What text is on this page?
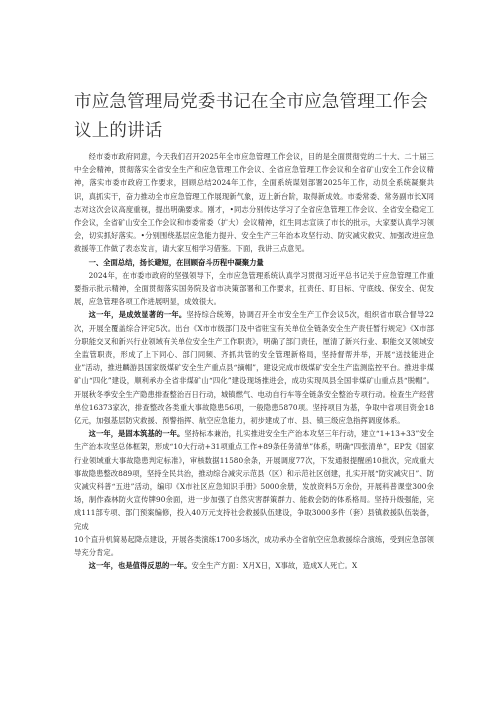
市应急管理局党委书记在全市应急管理工作会议上的讲话

经市委市政府同意，今天我们召开2025年全市应急管理工作会议，目的是全面贯彻党的二十大、二十届三中全会精神，贯彻落实全省安全生产和应急管理工作会议、全省应急管理工作会议和全省矿山安全工作会议精神，落实市委市政府工作要求，回顾总结2024年工作，全面系统谋划部署2025年工作，动员全系统凝聚共识，真抓实干，奋力推动全市应急管理工作展现新气象，迈上新台阶，取得新成效。市委常委、常务副市长X同志对这次会议高度重视，提出明确要求。刚才，•同志分别传达学习了全省应急管理工作会议、全省安全稳定工作会议，全省矿山安全工作会议和市委常委（扩大）会议精神，红生同志宣读了市长的批示，大家要认真学习领会，切实抓好落实。•分别围绕基层应急能力提升、安全生产三年治本攻坚行动、防灾减灾救灾、加强改进应急救援等工作做了表态发言，请大家互相学习借鉴。下面，我讲三点意见。

一、全面总结，扬长避短，在回顾奋斗历程中凝聚力量

2024年，在市委市政府的坚强领导下，全市应急管理系统认真学习贯彻习近平总书记关于应急管理工作重要指示批示精神，全面贯彻落实国务院及省市决策部署和工作要求，扛责任、盯目标、守底线、保安全、促发展，应急管理各项工作进展明显，成效很大。

这一年，是成效显著的一年。坚持综合统筹，协调召开全市安全生产工作会议5次，组织省市联合督导22次，开展全覆盖综合评定5次。出台《X市市级部门及中省驻宝有关单位全链条安全生产责任暂行规定》《X市部分职能交叉和新兴行业领域有关单位安全生产工作职责》，明确了部门责任，厘清了新兴行业、职能交叉领域安全监管职责，形成了上下同心、部门同频、齐抓共管的安全管理新格局，坚持督帮并举，开展“送技能进企业”活动，推进麟游县国家级煤矿安全生产重点县“摘帽”，建设完成市级煤矿安全生产监测监控平台。推进非煤矿山“四化”建设，顺利承办全省非煤矿山“四化”建设现场推进会，成功实现凤县全国非煤矿山重点县“脱帽”。开展秋冬季安全生产隐患排查整治百日行动，城镇燃气、电动自行车等全链条安全整治专项行动。检查生产经营单位16373家次，排查整改各类重大事故隐患56项，一般隐患5870项。坚持项目为基，争取中省项目资金18亿元，加强基层防灾救援、预警指挥、航空应急能力，初步建成了市、县、镇三级应急指挥调度体系。

这一年，是固本筑基的一年。坚持标本兼治，扎实推进安全生产治本攻坚三年行动，建立“1+13+33”安全生产治本攻坚总体框架，形成“10大行动+31项重点工作+89条任务清单”体系，明确“四张清单”，EP发《国家行业领域重大事故隐患判定标准》，审核数据11580余条，开展调度77次，下发通报提醒函10批次，完成重大事故隐患整改889项，坚持全民共治，推动综合减灾示范县（区）和示范社区创建，扎实开展“防灾减灾日”、防灾减灾科普“五进”活动，编印《X市社区应急知识手册》5000余册，发放资料5万余份，开展科普课堂300余场，制作森林防火宣传牌90余面，进一步加强了自然灾害群策群力、能救会防的体系格局。坚持升级强能，完成111部专项、部门预案编修，投入40万元支持社会救援队伍建设，争取3000多件（套）县镇救援队伍装备，完成

10个直升机简易起降点建设，开展各类演练1700多场次，成功承办全省航空应急救援综合演练，受到应急部领导充分肯定。

这一年，也是值得反思的一年。安全生产方面：X月X日，X事故，造成X人死亡。X
